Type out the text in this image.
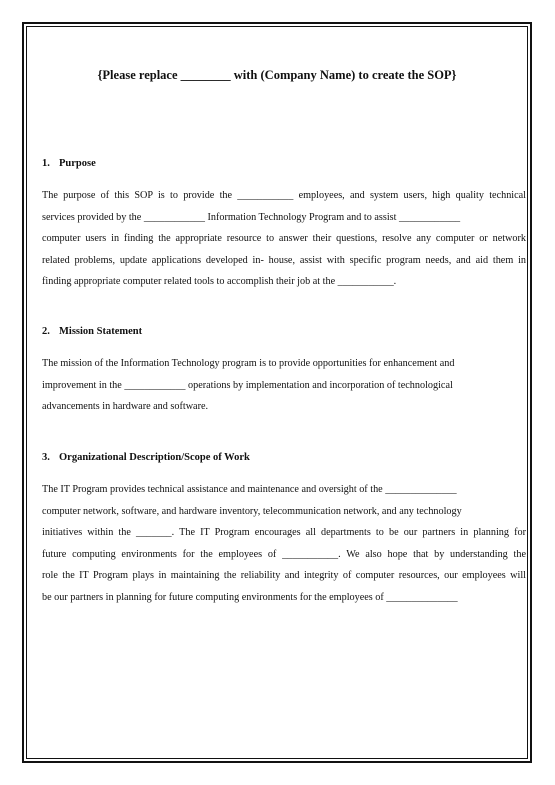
{Please replace ________ with (Company Name) to create the SOP}

1. Purpose

The purpose of this SOP is to provide the ___________ employees, and system users, high quality technical
services provided by the ____________ Information Technology Program and to assist ____________
computer users in finding the appropriate resource to answer their questions, resolve any computer or network
related problems, update applications developed in- house, assist with specific program needs, and aid them in
finding appropriate computer related tools to accomplish their job at the ___________.

2. Mission Statement

The mission of the Information Technology program is to provide opportunities for enhancement and
improvement in the ____________ operations by implementation and incorporation of technological
advancements in hardware and software.

3. Organizational Description/Scope of Work

The IT Program provides technical assistance and maintenance and oversight of the ______________
computer network, software, and hardware inventory, telecommunication network, and any technology
initiatives within the _______. The IT Program encourages all departments to be our partners in planning for
future computing environments for the employees of ___________. We also hope that by understanding the
role the IT Program plays in maintaining the reliability and integrity of computer resources, our employees will
be our partners in planning for future computing environments for the employees of ______________
